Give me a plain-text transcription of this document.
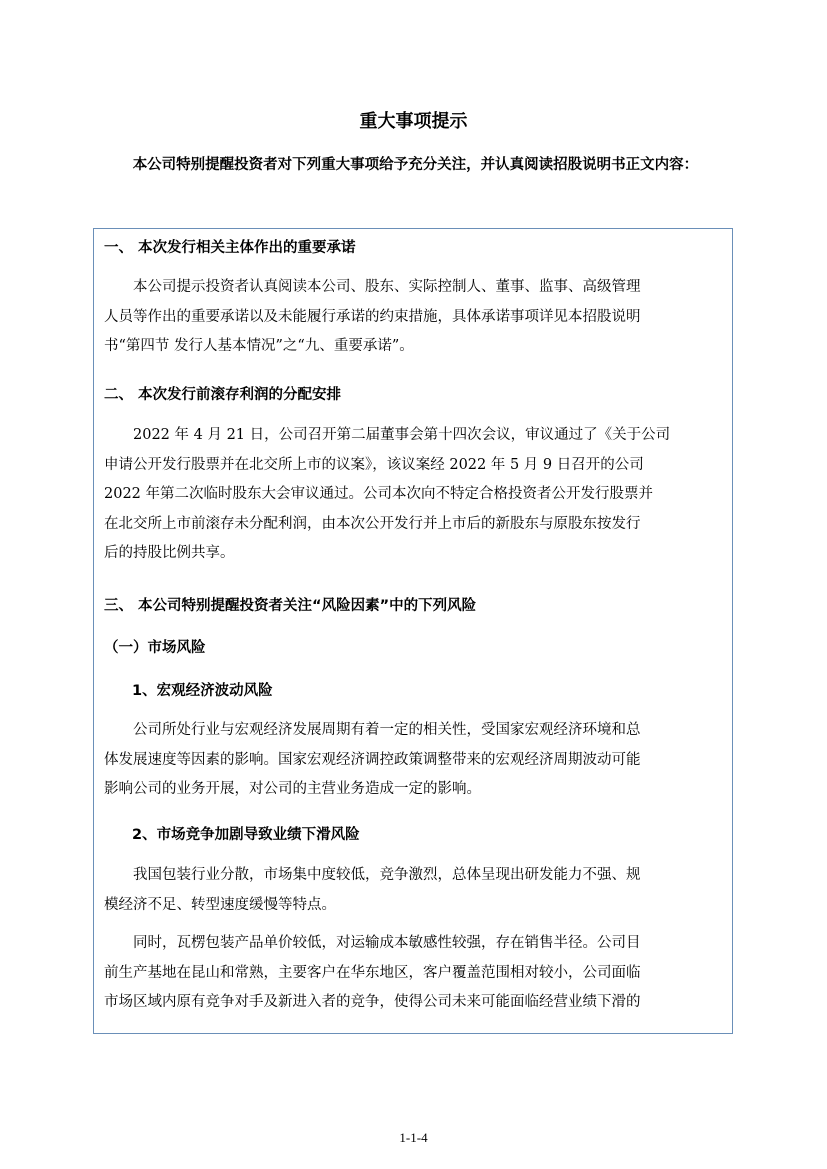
重大事项提示
本公司特别提醒投资者对下列重大事项给予充分关注，并认真阅读招股说明书正文内容：
一、 本次发行相关主体作出的重要承诺
本公司提示投资者认真阅读本公司、股东、实际控制人、董事、监事、高级管理
人员等作出的重要承诺以及未能履行承诺的约束措施，具体承诺事项详见本招股说明
书“第四节 发行人基本情况”之“九、重要承诺”。
二、 本次发行前滚存利润的分配安排
2022 年 4 月 21 日，公司召开第二届董事会第十四次会议，审议通过了《关于公司
申请公开发行股票并在北交所上市的议案》，该议案经 2022 年 5 月 9 日召开的公司
2022 年第二次临时股东大会审议通过。公司本次向不特定合格投资者公开发行股票并
在北交所上市前滚存未分配利润，由本次公开发行并上市后的新股东与原股东按发行
后的持股比例共享。
三、 本公司特别提醒投资者关注“风险因素”中的下列风险
（一）市场风险
1、宏观经济波动风险
公司所处行业与宏观经济发展周期有着一定的相关性，受国家宏观经济环境和总
体发展速度等因素的影响。国家宏观经济调控政策调整带来的宏观经济周期波动可能
影响公司的业务开展，对公司的主营业务造成一定的影响。
2、市场竞争加剧导致业绩下滑风险
我国包装行业分散，市场集中度较低，竞争激烈，总体呈现出研发能力不强、规
模经济不足、转型速度缓慢等特点。
同时，瓦楞包装产品单价较低，对运输成本敏感性较强，存在销售半径。公司目
前生产基地在昆山和常熟，主要客户在华东地区，客户覆盖范围相对较小，公司面临
市场区域内原有竞争对手及新进入者的竞争，使得公司未来可能面临经营业绩下滑的
1-1-4
